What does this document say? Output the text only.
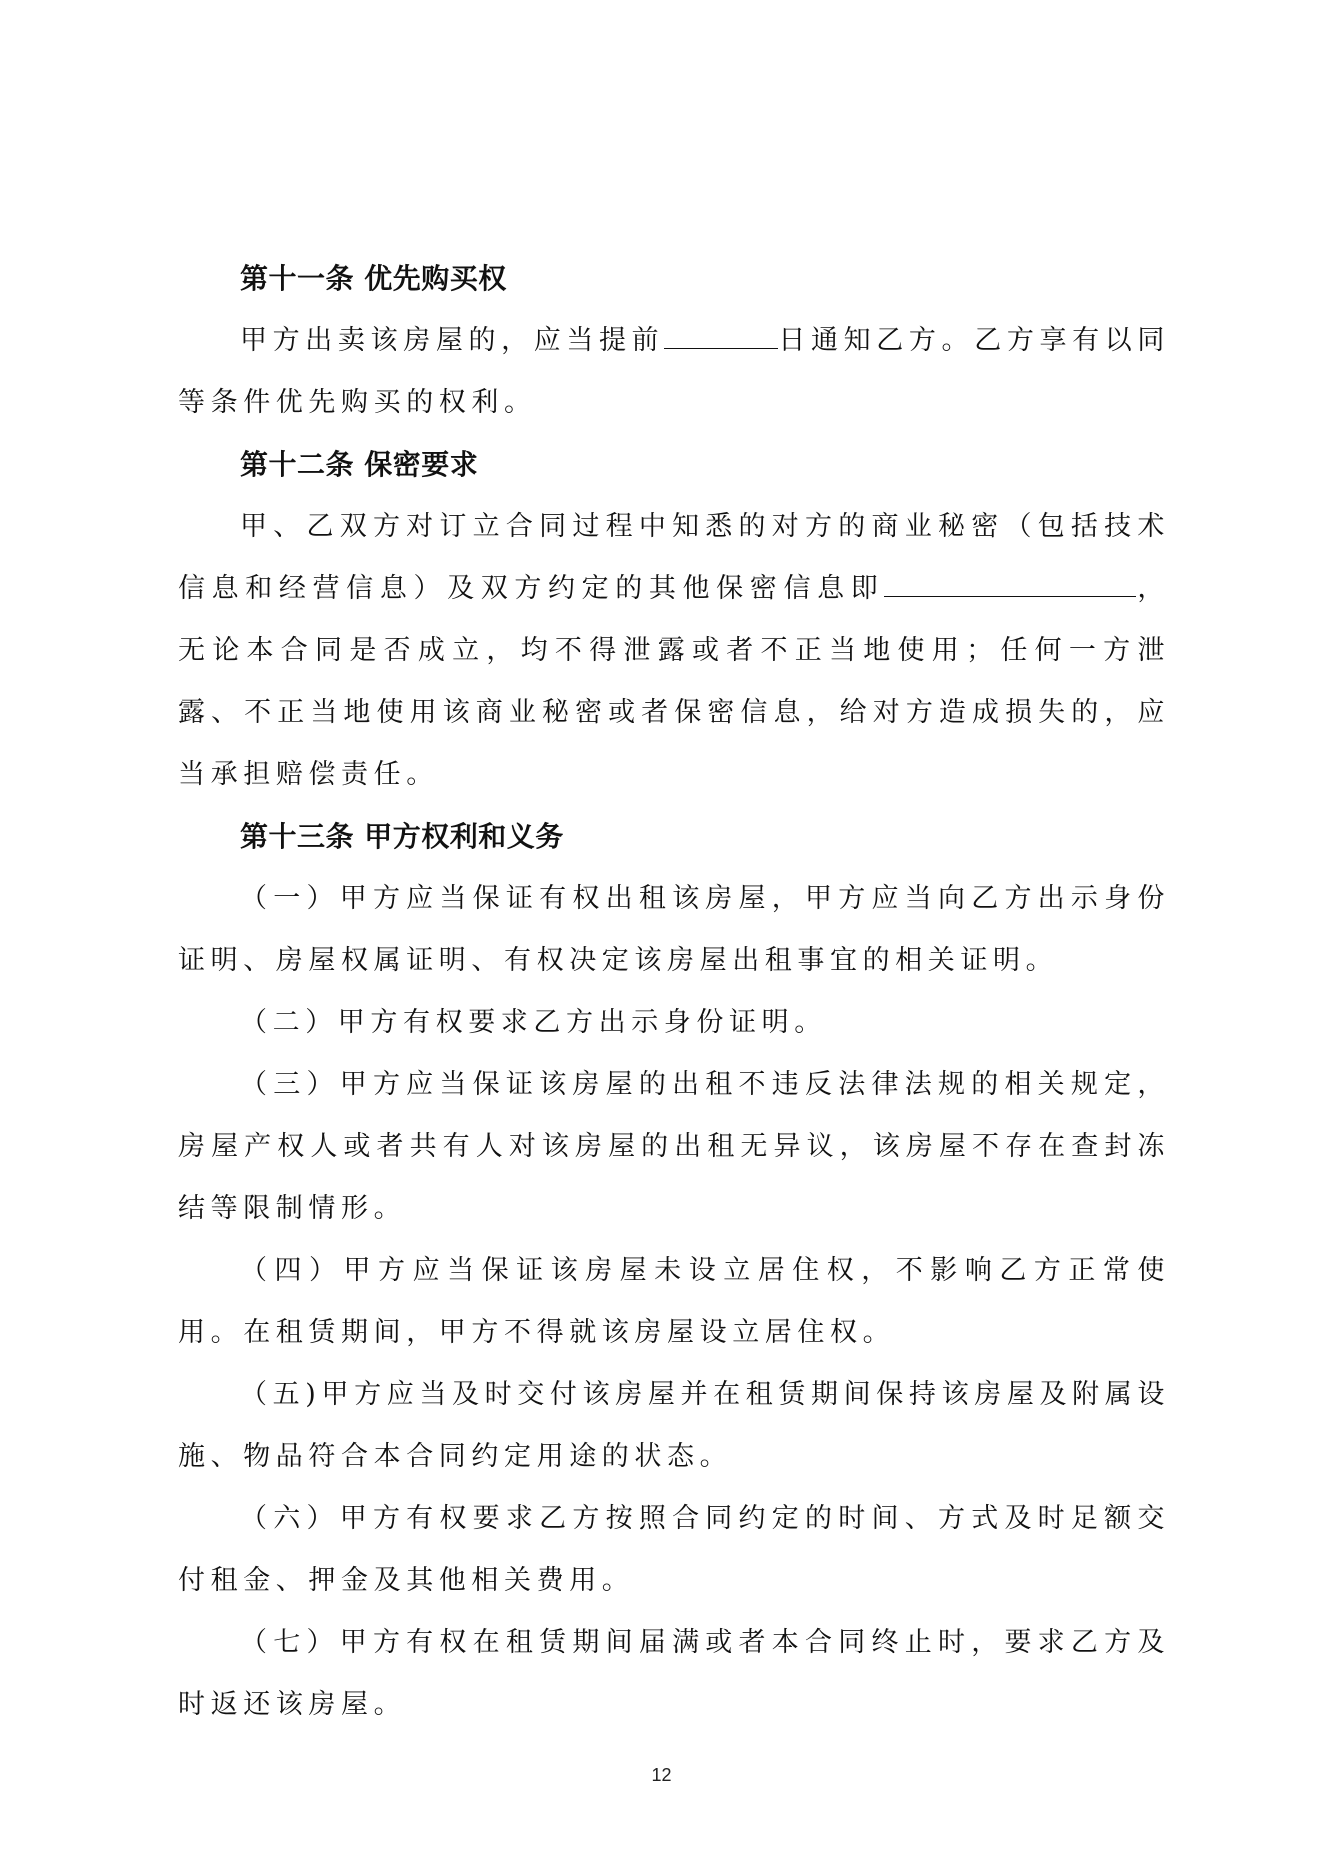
第十一条 优先购买权

甲方出卖该房屋的，应当提前	日通知乙方。乙方享有以同等条件优先购买的权利。

第十二条 保密要求

甲、乙双方对订立合同过程中知悉的对方的商业秘密（包括技术信息和经营信息）及双方约定的其他保密信息即	，无论本合同是否成立，均不得泄露或者不正当地使用；任何一方泄露、不正当地使用该商业秘密或者保密信息，给对方造成损失的，应当承担赔偿责任。

第十三条 甲方权利和义务

（一）甲方应当保证有权出租该房屋，甲方应当向乙方出示身份证明、房屋权属证明、有权决定该房屋出租事宜的相关证明。

（二）甲方有权要求乙方出示身份证明。

（三）甲方应当保证该房屋的出租不违反法律法规的相关规定，房屋产权人或者共有人对该房屋的出租无异议，该房屋不存在查封冻结等限制情形。

（四）甲方应当保证该房屋未设立居住权，不影响乙方正常使用。在租赁期间，甲方不得就该房屋设立居住权。

（五)甲方应当及时交付该房屋并在租赁期间保持该房屋及附属设施、物品符合本合同约定用途的状态。

（六）甲方有权要求乙方按照合同约定的时间、方式及时足额交付租金、押金及其他相关费用。

（七）甲方有权在租赁期间届满或者本合同终止时，要求乙方及时返还该房屋。

12
